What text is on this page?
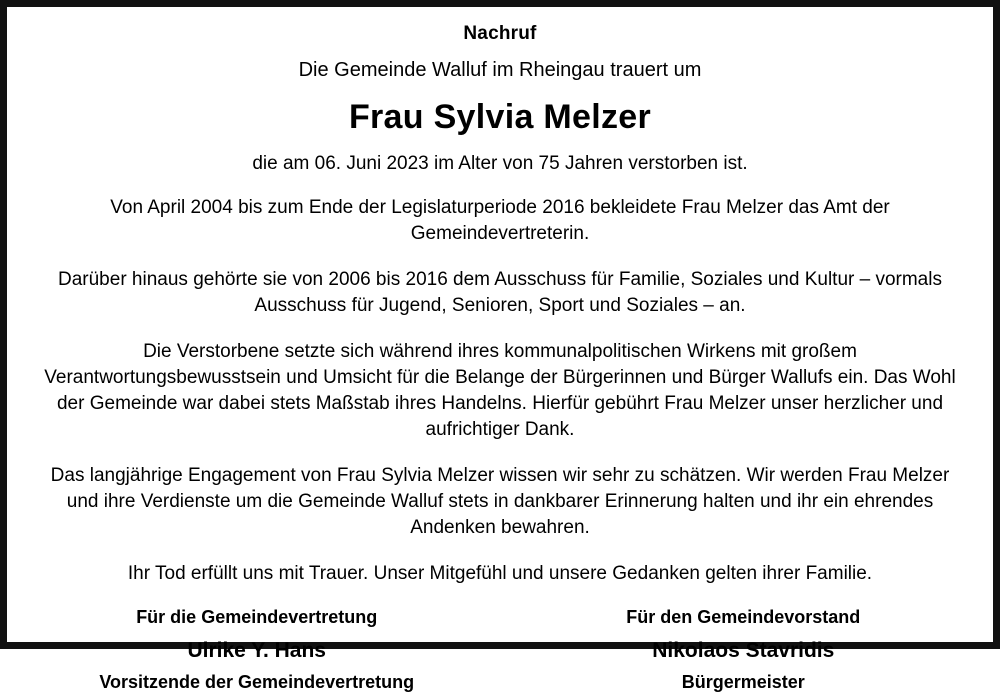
Nachruf
Die Gemeinde Walluf im Rheingau trauert um
Frau Sylvia Melzer
die am 06. Juni 2023 im Alter von 75 Jahren verstorben ist.
Von April 2004 bis zum Ende der Legislaturperiode 2016 bekleidete Frau Melzer das Amt der Gemeindevertreterin.
Darüber hinaus gehörte sie von 2006 bis 2016 dem Ausschuss für Familie, Soziales und Kultur – vormals Ausschuss für Jugend, Senioren, Sport und Soziales – an.
Die Verstorbene setzte sich während ihres kommunalpolitischen Wirkens mit großem Verantwortungsbewusstsein und Umsicht für die Belange der Bürgerinnen und Bürger Wallufs ein. Das Wohl der Gemeinde war dabei stets Maßstab ihres Handelns. Hierfür gebührt Frau Melzer unser herzlicher und aufrichtiger Dank.
Das langjährige Engagement von Frau Sylvia Melzer wissen wir sehr zu schätzen. Wir werden Frau Melzer und ihre Verdienste um die Gemeinde Walluf stets in dankbarer Erinnerung halten und ihr ein ehrendes Andenken bewahren.
Ihr Tod erfüllt uns mit Trauer. Unser Mitgefühl und unsere Gedanken gelten ihrer Familie.
Für die Gemeindevertretung
Ulrike Y. Hans
Vorsitzende der Gemeindevertretung
Für den Gemeindevorstand
Nikolaos Stavridis
Bürgermeister
